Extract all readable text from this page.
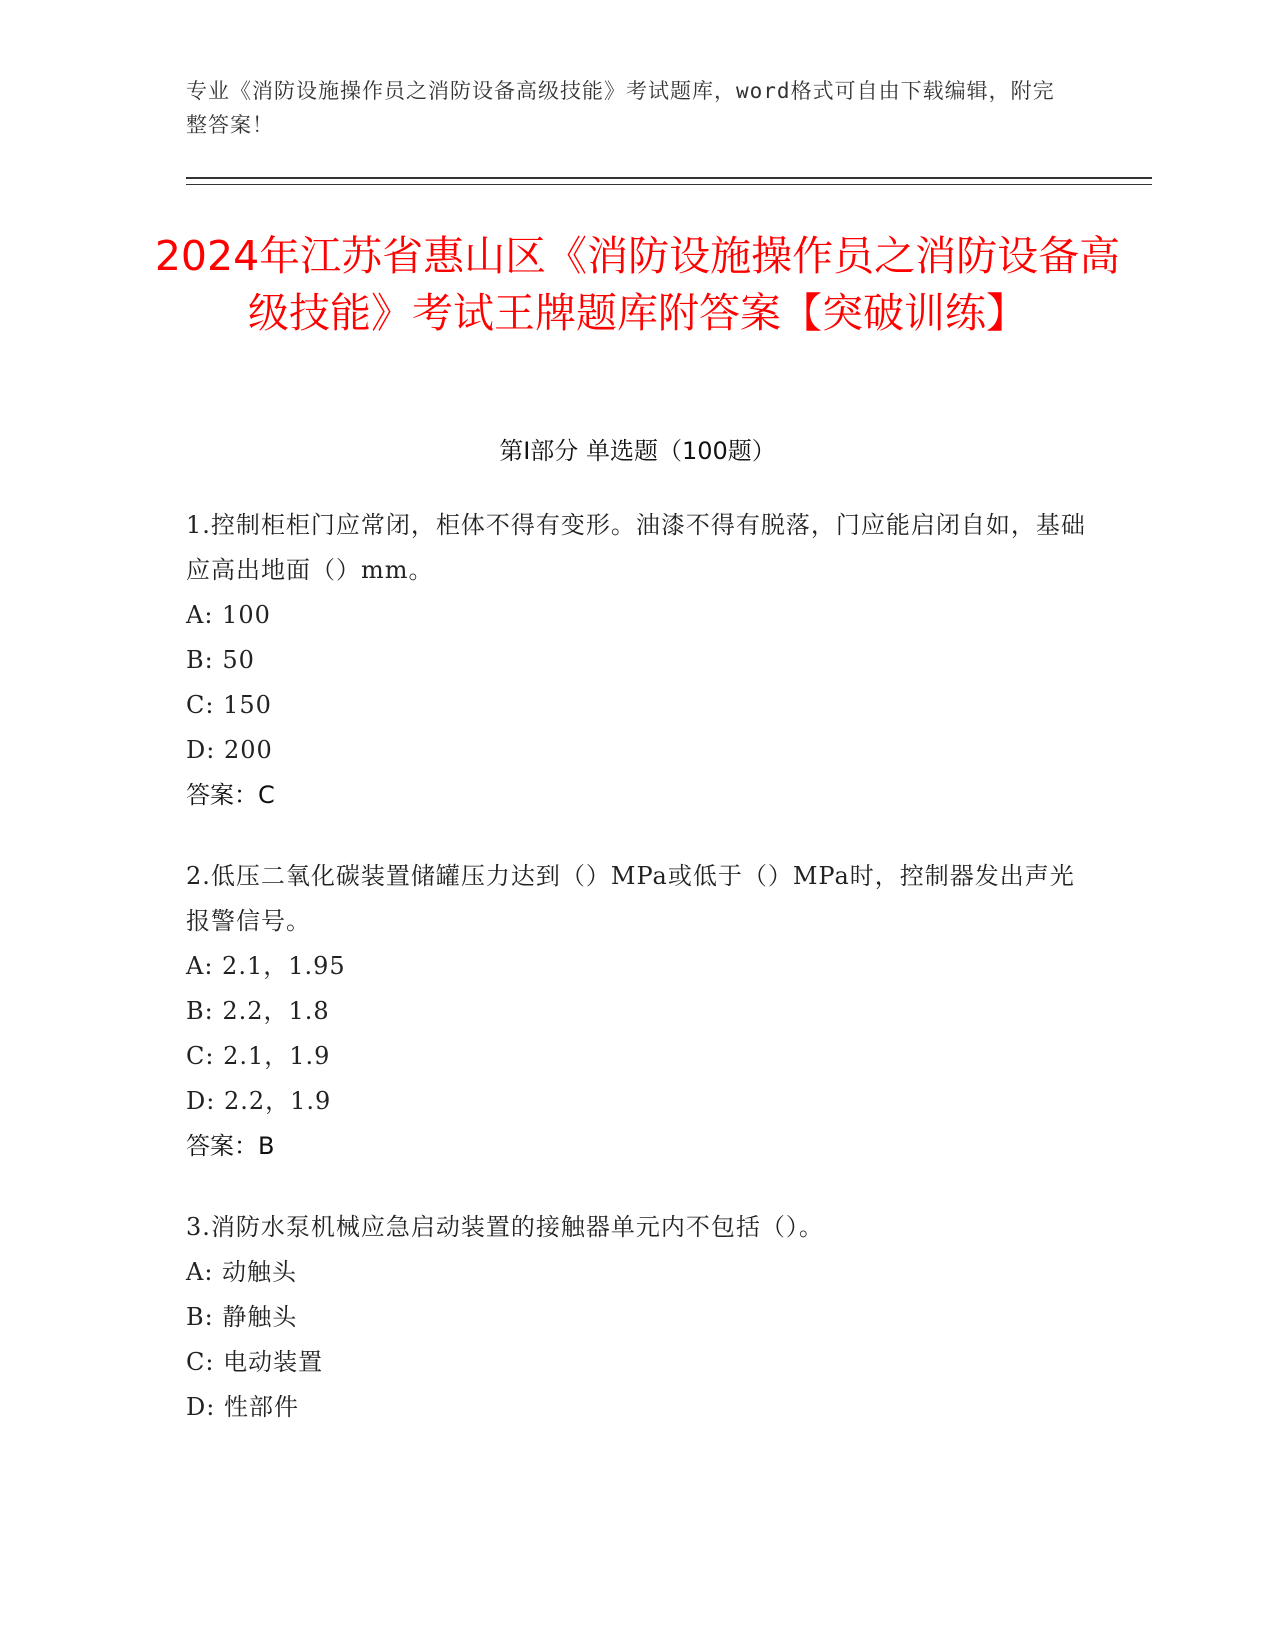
专业《消防设施操作员之消防设备高级技能》考试题库，word格式可自由下载编辑，附完整答案！
2024年江苏省惠山区《消防设施操作员之消防设备高级技能》考试王牌题库附答案【突破训练】
第I部分 单选题（100题）
1.控制柜柜门应常闭，柜体不得有变形。油漆不得有脱落，门应能启闭自如，基础应高出地面（）mm。
A: 100
B: 50
C: 150
D: 200
答案：C
2.低压二氧化碳装置储罐压力达到（）MPa或低于（）MPa时，控制器发出声光报警信号。
A: 2.1，1.95
B: 2.2，1.8
C: 2.1，1.9
D: 2.2，1.9
答案：B
3.消防水泵机械应急启动装置的接触器单元内不包括（）。
A: 动触头
B: 静触头
C: 电动装置
D: 性部件
